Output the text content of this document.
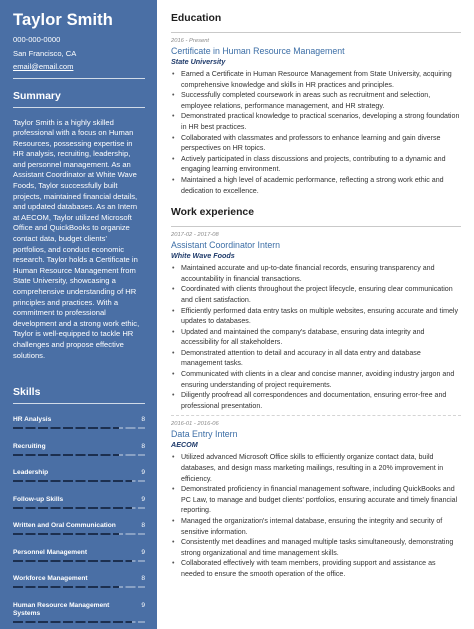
Taylor Smith
000-000-0000
San Francisco, CA
email@email.com
Summary
Taylor Smith is a highly skilled professional with a focus on Human Resources, possessing expertise in HR analysis, recruiting, leadership, and personnel management. As an Assistant Coordinator at White Wave Foods, Taylor successfully built projects, maintained financial details, and updated databases. As an Intern at AECOM, Taylor utilized Microsoft Office and QuickBooks to organize contact data, budget clients' portfolios, and conduct economic research. Taylor holds a Certificate in Human Resource Management from State University, showcasing a comprehensive understanding of HR principles and practices. With a commitment to professional development and a strong work ethic, Taylor is well-equipped to tackle HR challenges and propose effective solutions.
Skills
HR Analysis	8
Recruiting	8
Leadership	9
Follow-up Skills	9
Written and Oral Communication	8
Personnel Management	9
Workforce Management	8
Human Resource Management Systems
9
Education
2016 - Present
Certificate in Human Resource Management
State University
• Earned a Certificate in Human Resource Management from State University, acquiring comprehensive knowledge and skills in HR practices and principles.
• Successfully completed coursework in areas such as recruitment and selection, employee relations, performance management, and HR strategy.
• Demonstrated practical knowledge to practical scenarios, developing a strong foundation in HR best practices.
• Collaborated with classmates and professors to enhance learning and gain diverse perspectives on HR topics.
• Actively participated in class discussions and projects, contributing to a dynamic and engaging learning environment.
• Maintained a high level of academic performance, reflecting a strong work ethic and dedication to excellence.
Work experience
2017-02 - 2017-08
Assistant Coordinator Intern
White Wave Foods
• Maintained accurate and up-to-date financial records, ensuring transparency and accountability in financial transactions.
• Coordinated with clients throughout the project lifecycle, ensuring clear communication and client satisfaction.
• Efficiently performed data entry tasks on multiple websites, ensuring accurate and timely updates to databases.
• Updated and maintained the company's database, ensuring data integrity and accessibility for all stakeholders.
• Demonstrated attention to detail and accuracy in all data entry and database management tasks.
• Communicated with clients in a clear and concise manner, avoiding industry jargon and ensuring understanding of project requirements.
• Diligently proofread all correspondences and documentation, ensuring error-free and professional presentation.
2016-01 - 2016-06
Data Entry Intern
AECOM
• Utilized advanced Microsoft Office skills to efficiently organize contact data, build databases, and design mass marketing mailings, resulting in a 20% improvement in efficiency.
• Demonstrated proficiency in financial management software, including QuickBooks and PC Law, to manage and budget clients' portfolios, ensuring accurate and timely financial reporting.
• Managed the organization's internal database, ensuring the integrity and security of sensitive information.
• Consistently met deadlines and managed multiple tasks simultaneously, demonstrating strong organizational and time management skills.
• Collaborated effectively with team members, providing support and assistance as needed to ensure the smooth operation of the office.
